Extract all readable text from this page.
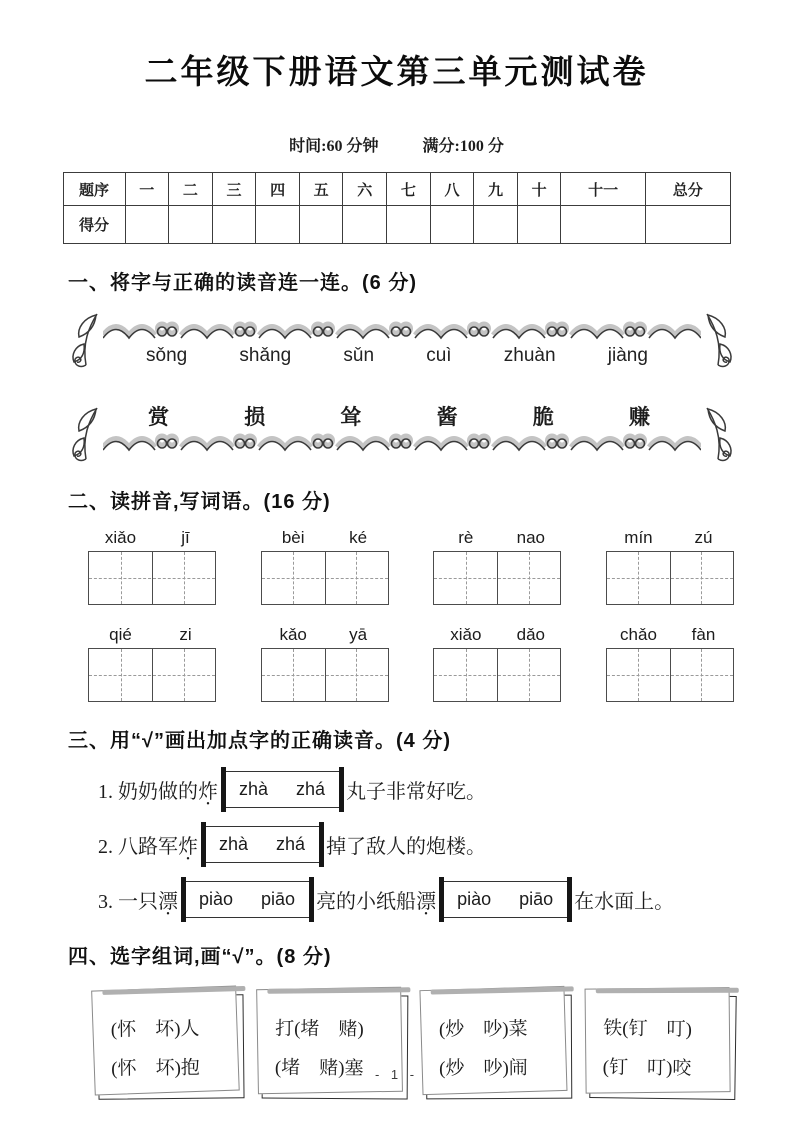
二年级下册语文第三单元测试卷
时间:60 分钟	满分:100 分
题序	一	二	三	四	五	六	七	八	九	十	十一	总分
得分												
一、将字与正确的读音连一连。(6 分)
sǒng	shǎng	sǔn	cuì	zhuàn	jiàng
赏	损	耸	酱	脆	赚
二、读拼音,写词语。(16 分)
xiǎo	jī	bèi	ké	rè	nao	mín	zú
qié	zi	kǎo	yā	xiǎo	dǎo	chǎo	fàn
三、用“√”画出加点字的正确读音。(4 分)
1. 奶奶做的 炸 • zhà zhá 丸子非常好吃。
2. 八路军 炸 • zhà zhá 掉了敌人的炮楼。
3. 一只 漂 • piào piāo 亮的小纸船 漂 • piào piāo 在水面上。
四、选字组词,画“√”。(8 分)
(怀　坏)人
(怀　坏)抱
打(堵　赌)
(堵　赌)塞
(炒　吵)菜
(炒　吵)闹
铁(钉　叮)
(钉　叮)咬
- 1 -
